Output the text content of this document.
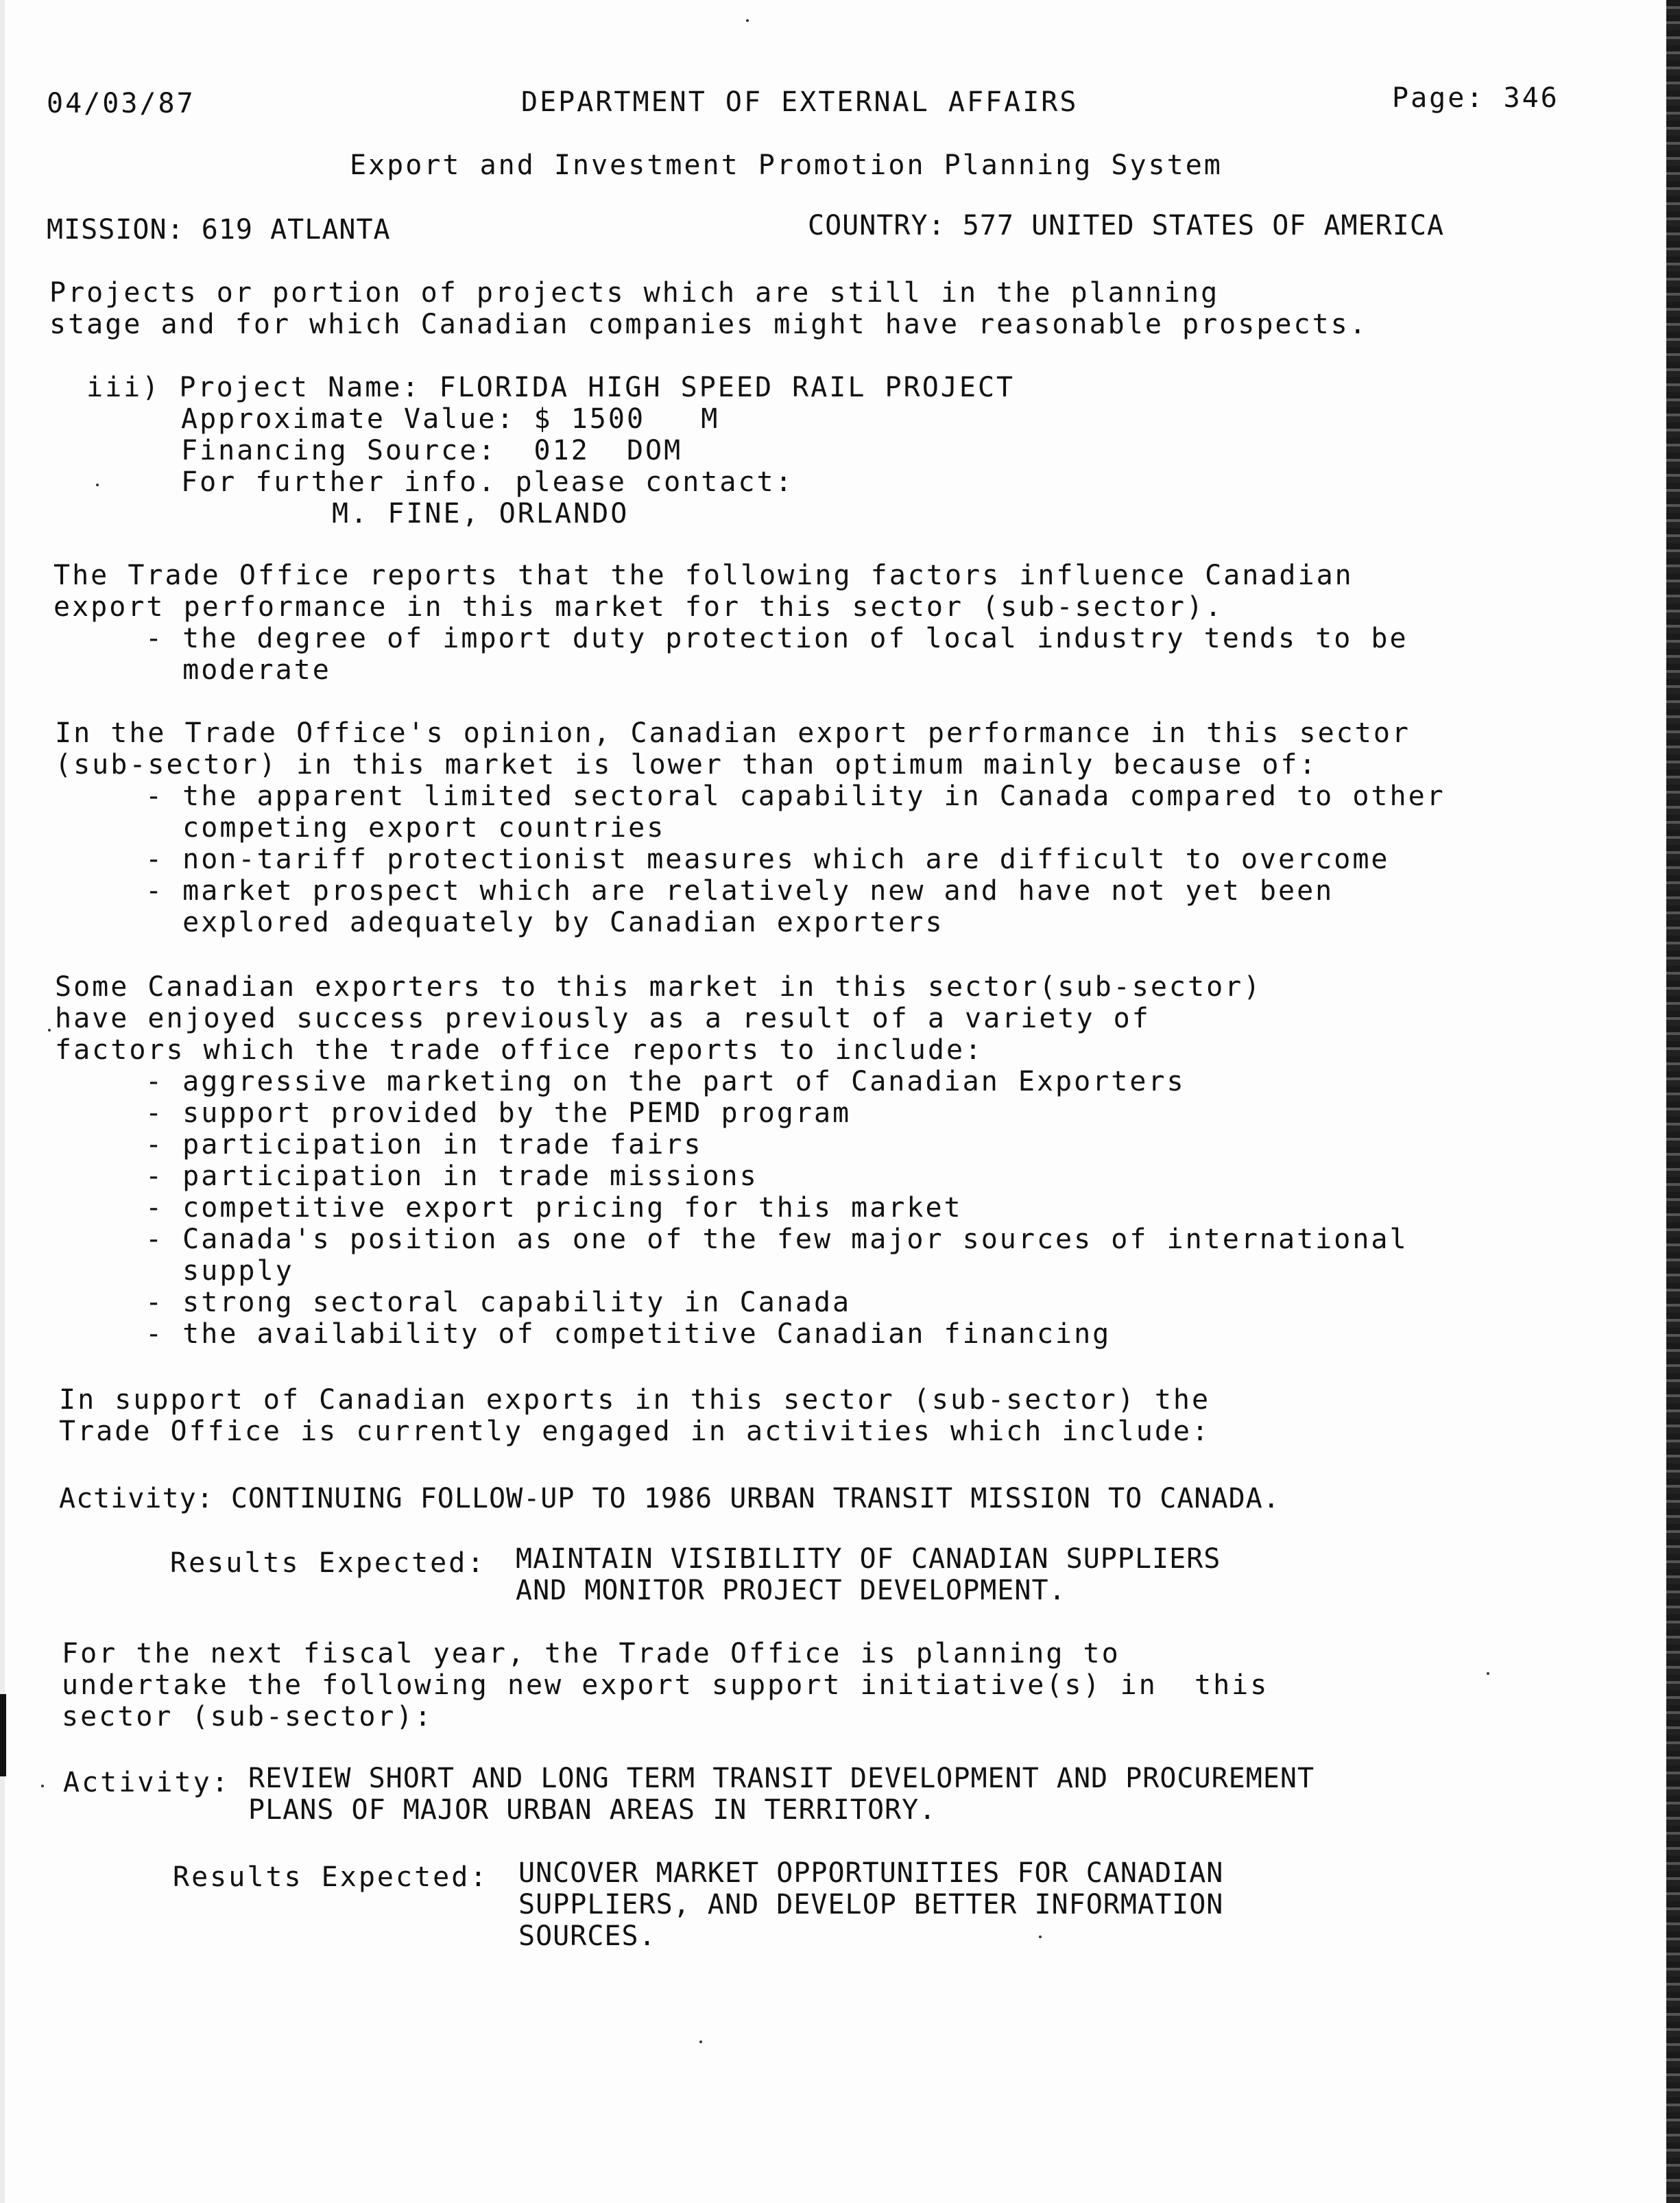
04/03/87	DEPARTMENT OF EXTERNAL AFFAIRS	Page: 346
Export and Investment Promotion Planning System
MISSION: 619 ATLANTA	COUNTRY: 577 UNITED STATES OF AMERICA
Projects or portion of projects which are still in the planning
stage and for which Canadian companies might have reasonable prospects.
iii) Project Name: FLORIDA HIGH SPEED RAIL PROJECT
Approximate Value: $ 1500   M
Financing Source:  012  DOM
For further info. please contact:
M. FINE, ORLANDO
The Trade Office reports that the following factors influence Canadian
export performance in this market for this sector (sub-sector).
- the degree of import duty protection of local industry tends to be
moderate
In the Trade Office's opinion, Canadian export performance in this sector
(sub-sector) in this market is lower than optimum mainly because of:
- the apparent limited sectoral capability in Canada compared to other
competing export countries
- non-tariff protectionist measures which are difficult to overcome
- market prospect which are relatively new and have not yet been
explored adequately by Canadian exporters
Some Canadian exporters to this market in this sector(sub-sector)
have enjoyed success previously as a result of a variety of
factors which the trade office reports to include:
- aggressive marketing on the part of Canadian Exporters
- support provided by the PEMD program
- participation in trade fairs
- participation in trade missions
- competitive export pricing for this market
- Canada's position as one of the few major sources of international
supply
- strong sectoral capability in Canada
- the availability of competitive Canadian financing
In support of Canadian exports in this sector (sub-sector) the
Trade Office is currently engaged in activities which include:
Activity: CONTINUING FOLLOW-UP TO 1986 URBAN TRANSIT MISSION TO CANADA.
Results Expected: MAINTAIN VISIBILITY OF CANADIAN SUPPLIERS
AND MONITOR PROJECT DEVELOPMENT.
For the next fiscal year, the Trade Office is planning to
undertake the following new export support initiative(s) in  this
sector (sub-sector):
Activity: REVIEW SHORT AND LONG TERM TRANSIT DEVELOPMENT AND PROCUREMENT
PLANS OF MAJOR URBAN AREAS IN TERRITORY.
Results Expected: UNCOVER MARKET OPPORTUNITIES FOR CANADIAN
SUPPLIERS, AND DEVELOP BETTER INFORMATION
SOURCES.
